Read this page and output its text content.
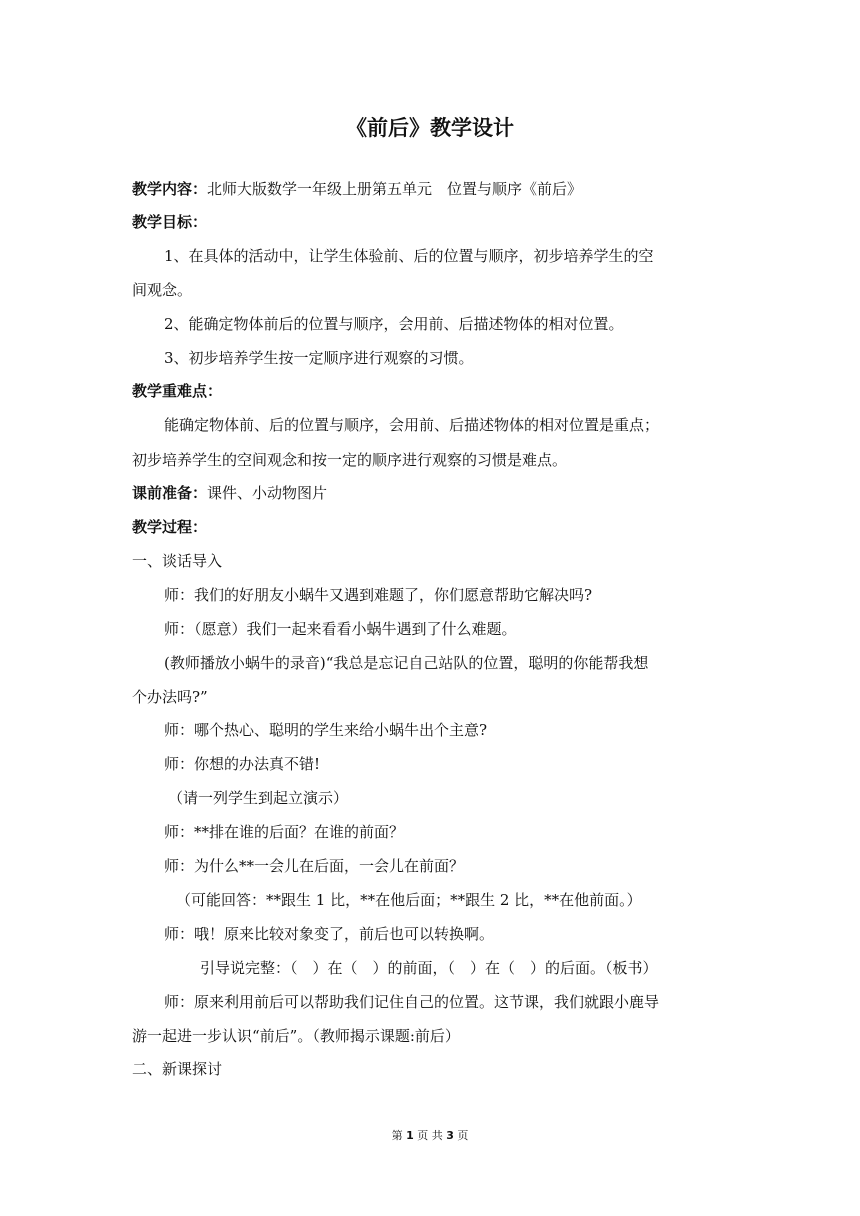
《前后》教学设计
教学内容：北师大版数学一年级上册第五单元　位置与顺序《前后》
教学目标：
1、在具体的活动中，让学生体验前、后的位置与顺序，初步培养学生的空
间观念。
2、能确定物体前后的位置与顺序，会用前、后描述物体的相对位置。
3、初步培养学生按一定顺序进行观察的习惯。
教学重难点：
能确定物体前、后的位置与顺序，会用前、后描述物体的相对位置是重点；
初步培养学生的空间观念和按一定的顺序进行观察的习惯是难点。
课前准备：课件、小动物图片
教学过程：
一、谈话导入
师：我们的好朋友小蜗牛又遇到难题了，你们愿意帮助它解决吗?
师：（愿意）我们一起来看看小蜗牛遇到了什么难题。
(教师播放小蜗牛的录音)“我总是忘记自己站队的位置，聪明的你能帮我想
个办法吗?”
师：哪个热心、聪明的学生来给小蜗牛出个主意?
师：你想的办法真不错!
（请一列学生到起立演示）
师：**排在谁的后面？在谁的前面？
师：为什么**一会儿在后面，一会儿在前面？
（可能回答：**跟生 1 比，**在他后面；**跟生 2 比，**在他前面。）
师：哦！原来比较对象变了，前后也可以转换啊。
引导说完整：（　）在（　）的前面，（　）在（　）的后面。（板书）
师：原来利用前后可以帮助我们记住自己的位置。这节课，我们就跟小鹿导
游一起进一步认识“前后”。（教师揭示课题:前后）
二、新课探讨
第 1 页 共 3 页
